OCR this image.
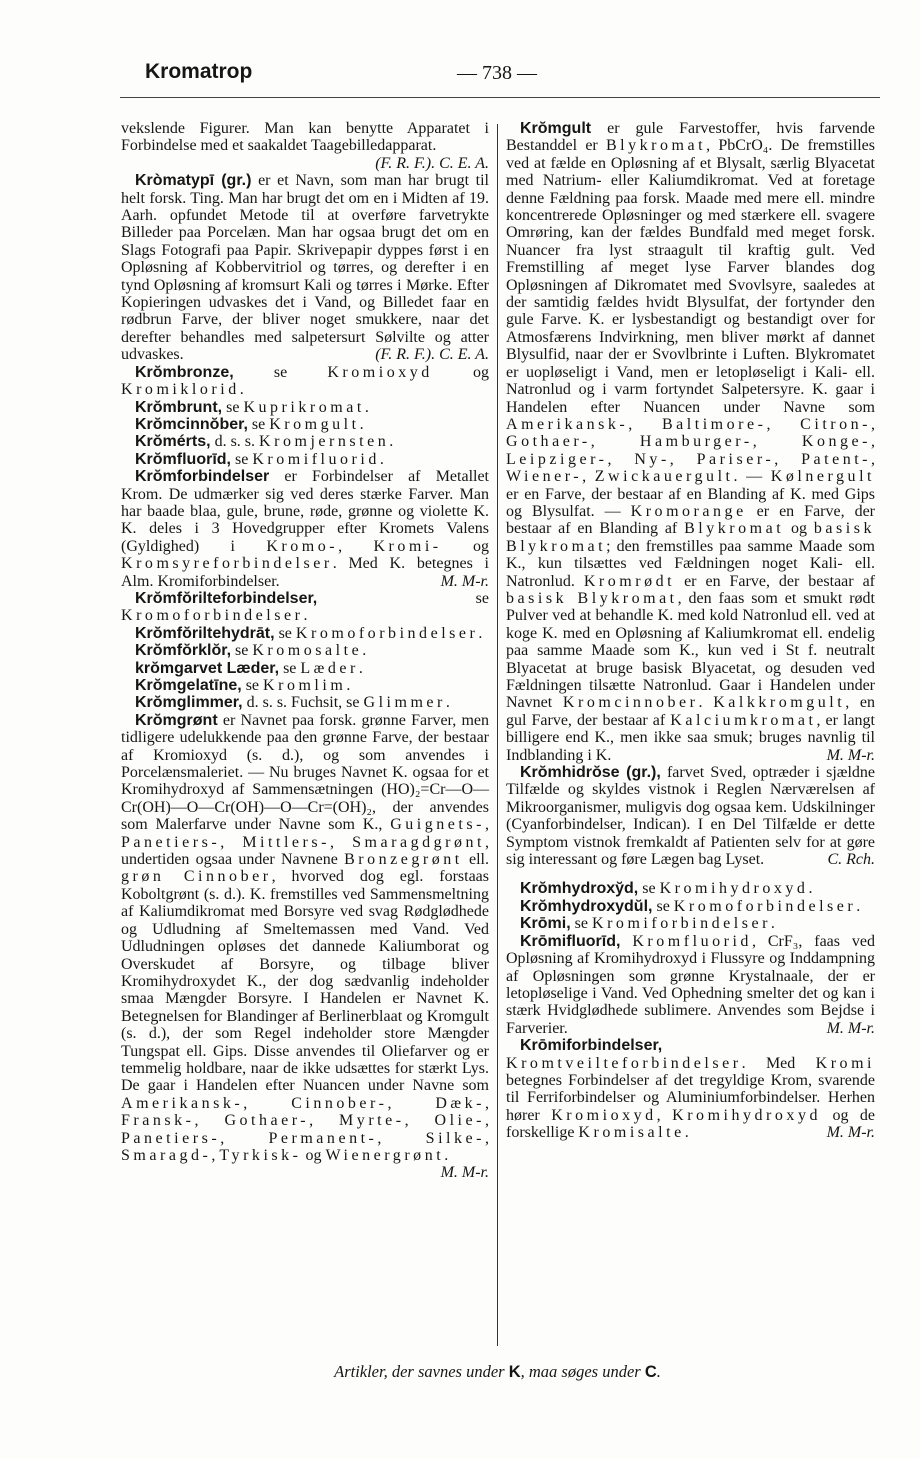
Kromatrop	— 738 —

vekslende Figurer. Man kan benytte Apparatet i Forbindelse med et saakaldet Taagebilledapparat.
(F. R. F.). C. E. A.

Kròmatypī (gr.) er et Navn, som man har brugt til helt forsk. Ting. Man har brugt det om en i Midten af 19. Aarh. opfundet Metode til at overføre farvetrykte Billeder paa Porcelæn. Man har ogsaa brugt det om en Slags Fotografi paa Papir. Skrivepapir dyppes først i en Opløsning af Kobbervitriol og tørres, og derefter i en tynd Opløsning af kromsurt Kali og tørres i Mørke. Efter Kopieringen udvaskes det i Vand, og Billedet faar en rødbrun Farve, der bliver noget smukkere, naar det derefter behandles med salpetersurt Sølvilte og atter udvaskes.	(F. R. F.). C. E. A.

Krŏmbronze, se Kromioxyd og Kromiklorid.

Krŏmbrunt, se Kuprikromat.

Krŏmcinnŏber, se Kromgult.

Krŏmérts, d. s. s. Kromjernsten.

Krŏmfluorīd, se Kromifluorid.

Krŏmforbindelser er Forbindelser af Metallet Krom. De udmærker sig ved deres stærke Farver. Man har baade blaa, gule, brune, røde, grønne og violette K. K. deles i 3 Hovedgrupper efter Kromets Valens (Gyldighed) i Kromo-, Kromi- og Kromsyreforbindelser. Med K. betegnes i Alm. Kromiforbindelser.	M. M-r.

Krŏmfŏrilteforbindelser, se Kromoforbindelser.

Krŏmfŏriltehydrāt, se Kromoforbindelser.

Krŏmfŏrklŏr, se Kromosalte.

krŏmgarvet Læder, se Læder.

Krŏmgelatīne, se Kromlim.

Krŏmglimmer, d. s. s. Fuchsit, se Glimmer.

Krŏmgrønt er Navnet paa forsk. grønne Farver, men tidligere udelukkende paa den grønne Farve, der bestaar af Kromioxyd (s. d.), og som anvendes i Porcelænsmaleriet. — Nu bruges Navnet K. ogsaa for et Kromihydroxyd af Sammensætningen (HO)₂=Cr—O—Cr(OH)—O—Cr(OH)—O—Cr=(OH)₂, der anvendes som Malerfarve under Navne som K., Guignets-, Panetiers-, Mittlers-, Smaragdgrønt, undertiden ogsaa under Navnene Bronzegrønt ell. grøn Cinnober, hvorved dog egl. forstaas Koboltgrønt (s. d.). K. fremstilles ved Sammensmeltning af Kaliumdikromat med Borsyre ved svag Rødglødhede og Udludning af Smeltemassen med Vand. Ved Udludningen opløses det dannede Kaliumborat og Overskudet af Borsyre, og tilbage bliver Kromihydroxydet K., der dog sædvanlig indeholder smaa Mængder Borsyre. I Handelen er Navnet K. Betegnelsen for Blandinger af Berlinerblaat og Kromgult (s. d.), der som Regel indeholder store Mængder Tungspat ell. Gips. Disse anvendes til Oliefarver og er temmelig holdbare, naar de ikke udsættes for stærkt Lys. De gaar i Handelen efter Nuancen under Navne som Amerikansk-, Cinnober-, Dæk-, Fransk-, Gothaer-, Myrte-, Olie-, Panetiers-, Permanent-, Silke-, Smaragd-, Tyrkisk- og Wienergrønt.
M. M-r.

Krŏmgult er gule Farvestoffer, hvis farvende Bestanddel er Blykromat, PbCrO₄. De fremstilles ved at fælde en Opløsning af et Blysalt, særlig Blyacetat med Natrium- eller Kaliumdikromat. Ved at foretage denne Fældning paa forsk. Maade med mere ell. mindre koncentrerede Opløsninger og med stærkere ell. svagere Omrøring, kan der fældes Bundfald med meget forsk. Nuancer fra lyst straagult til kraftig gult. Ved Fremstilling af meget lyse Farver blandes dog Opløsningen af Dikromatet med Svovlsyre, saaledes at der samtidig fældes hvidt Blysulfat, der fortynder den gule Farve. K. er lysbestandigt og bestandigt over for Atmosfærens Indvirkning, men bliver mørkt af dannet Blysulfid, naar der er Svovlbrinte i Luften. Blykromatet er uopløseligt i Vand, men er letopløseligt i Kali- ell. Natronlud og i varm fortyndet Salpetersyre. K. gaar i Handelen efter Nuancen under Navne som Amerikansk-, Baltimore-, Citron-, Gothaer-, Hamburger-, Konge-, Leipziger-, Ny-, Pariser-, Patent-, Wiener-, Zwickauergult. — Kølnergult er en Farve, der bestaar af en Blanding af K. med Gips og Blysulfat. — Kromorange er en Farve, der bestaar af en Blanding af Blykromat og basisk Blykromat; den fremstilles paa samme Maade som K., kun tilsættes ved Fældningen noget Kali- ell. Natronlud. Kromrødt er en Farve, der bestaar af basisk Blykromat, den faas som et smukt rødt Pulver ved at behandle K. med kold Natronlud ell. ved at koge K. med en Opløsning af Kaliumkromat ell. endelig paa samme Maade som K., kun ved i St f. neutralt Blyacetat at bruge basisk Blyacetat, og desuden ved Fældningen tilsætte Natronlud. Gaar i Handelen under Navnet Kromcinnober. Kalkkromgult, en gul Farve, der bestaar af Kalciumkromat, er langt billigere end K., men ikke saa smuk; bruges navnlig til Indblanding i K.	M. M-r.

Krŏmhidrŏse (gr.), farvet Sved, optræder i sjældne Tilfælde og skyldes vistnok i Reglen Nærværelsen af Mikroorganismer, muligvis dog ogsaa kem. Udskilninger (Cyanforbindelser, Indican). I en Del Tilfælde er dette Symptom vistnok fremkaldt af Patienten selv for at gøre sig interessant og føre Lægen bag Lyset.	C. Rch.

Krŏmhydroxy̆d, se Kromihydroxyd.

Krŏmhydroxydŭl, se Kromoforbindelser.

Krōmi, se Kromiforbindelser.

Krōmifluorīd, Kromfluorid, CrF₃, faas ved Opløsning af Kromihydroxyd i Flussyre og Inddampning af Opløsningen som grønne Krystalnaale, der er letopløselige i Vand. Ved Ophedning smelter det og kan i stærk Hvidglødhede sublimere. Anvendes som Bejdse i Farverier.	M. M-r.

Krōmiforbindelser, Kromtveilteforbindelser. Med Kromi betegnes Forbindelser af det tregyldige Krom, svarende til Ferriforbindelser og Aluminiumforbindelser. Herhen hører Kromioxyd, Kromihydroxyd og de forskellige Kromisalte.	M. M-r.

Artikler, der savnes under K, maa søges under C.
